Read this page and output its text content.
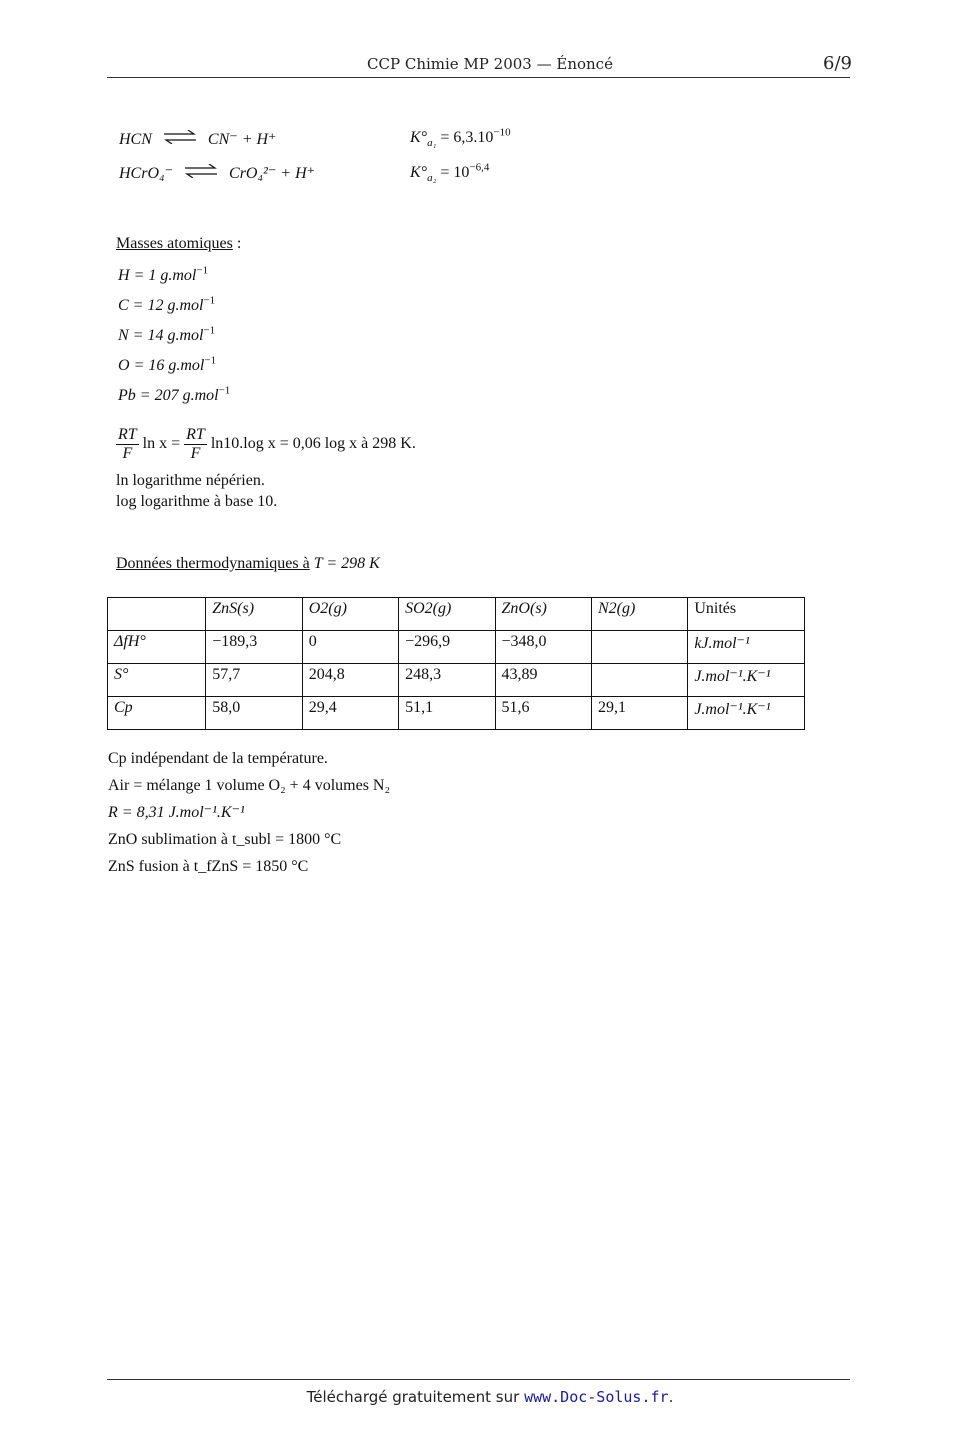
CCP Chimie MP 2003 — Énoncé	6/9
HCN ⇌ CN⁻ + H⁺	$K^\circ_{a_1} = 6,3.10^{-10}$
HCrO₄⁻ ⇌ CrO₄²⁻ + H⁺	$K^\circ_{a_2} = 10^{-6,4}$
Masses atomiques :
H = 1 g.mol$^{-1}$
C = 12 g.mol$^{-1}$
N = 14 g.mol$^{-1}$
O = 16 g.mol$^{-1}$
Pb = 207 g.mol$^{-1}$
$\frac{RT}{F}$ $\ln x = \frac{RT}{F} \ln 10.\log$ x = 0,06 log x à 298 K.
ln logarithme népérien.
log logarithme à base 10.
Données thermodynamiques à T = 298 K
	ZnS(s)	O2(g)	SO2(g)	ZnO(s)	N2(g)	Unités
ΔfH°	−189,3	0	−296,9	−348,0		kJ.mol⁻¹
S°	57,7	204,8	248,3	43,89		J.mol⁻¹.K⁻¹
Cp	58,0	29,4	51,1	51,6	29,1	J.mol⁻¹.K⁻¹
Cp indépendant de la température.
Air = mélange 1 volume O₂ + 4 volumes N₂
R = 8,31 J.mol⁻¹.K⁻¹
ZnO sublimation à t_subl = 1800 °C
ZnS fusion à t_fZnS = 1850 °C
Téléchargé gratuitement sur www.Doc-Solus.fr.
